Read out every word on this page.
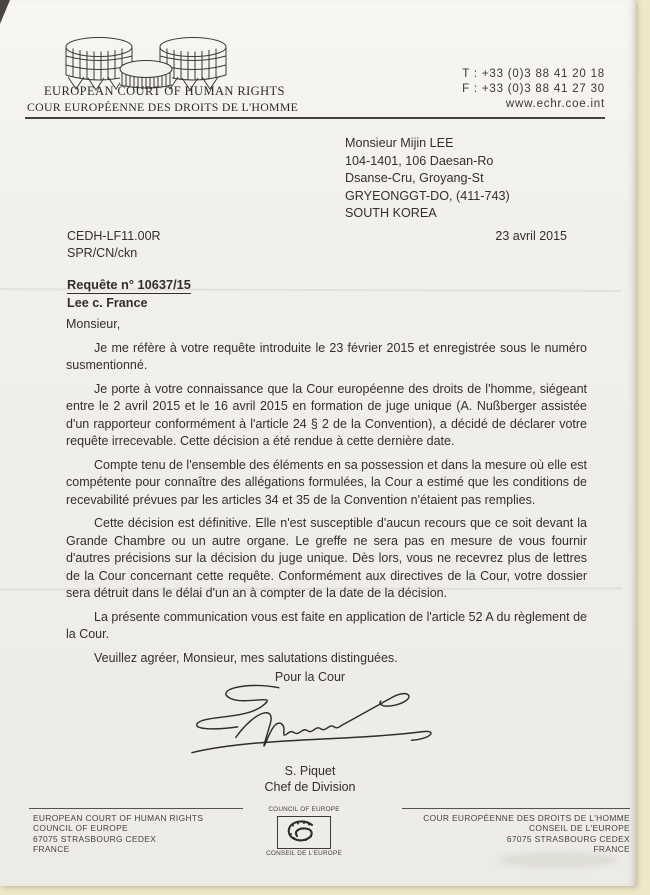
EUROPEAN COURT OF HUMAN RIGHTS
COUR EUROPÉENNE DES DROITS DE L'HOMME
T : +33 (0)3 88 41 20 18
F : +33 (0)3 88 41 27 30
www.echr.coe.int
Monsieur Mijin LEE
104-1401, 106 Daesan-Ro
Dsanse-Cru, Groyang-St
GRYEONGGT-DO, (411-743)
SOUTH KOREA
CEDH-LF11.00R
SPR/CN/ckn
23 avril 2015
Requête n° 10637/15
Lee c. France

Monsieur,

Je me réfère à votre requête introduite le 23 février 2015 et enregistrée sous le numéro susmentionné.

Je porte à votre connaissance que la Cour européenne des droits de l'homme, siégeant entre le 2 avril 2015 et le 16 avril 2015 en formation de juge unique (A. Nußberger assistée d'un rapporteur conformément à l'article 24 § 2 de la Convention), a décidé de déclarer votre requête irrecevable. Cette décision a été rendue à cette dernière date.

Compte tenu de l'ensemble des éléments en sa possession et dans la mesure où elle est compétente pour connaître des allégations formulées, la Cour a estimé que les conditions de recevabilité prévues par les articles 34 et 35 de la Convention n'étaient pas remplies.

Cette décision est définitive. Elle n'est susceptible d'aucun recours que ce soit devant la Grande Chambre ou un autre organe. Le greffe ne sera pas en mesure de vous fournir d'autres précisions sur la décision du juge unique. Dès lors, vous ne recevrez plus de lettres de la Cour concernant cette requête. Conformément aux directives de la Cour, votre dossier sera détruit dans le délai d'un an à compter de la date de la décision.

La présente communication vous est faite en application de l'article 52 A du règlement de la Cour.

Veuillez agréer, Monsieur, mes salutations distinguées.

Pour la Cour
S. Piquet
Chef de Division
EUROPEAN COURT OF HUMAN RIGHTS
COUNCIL OF EUROPE
67075 STRASBOURG CEDEX
FRANCE
COUNCIL OF EUROPE
CONSEIL DE L'EUROPE
COUR EUROPÉENNE DES DROITS DE L'HOMME
CONSEIL DE L'EUROPE
67075 STRASBOURG CEDEX
FRANCE
